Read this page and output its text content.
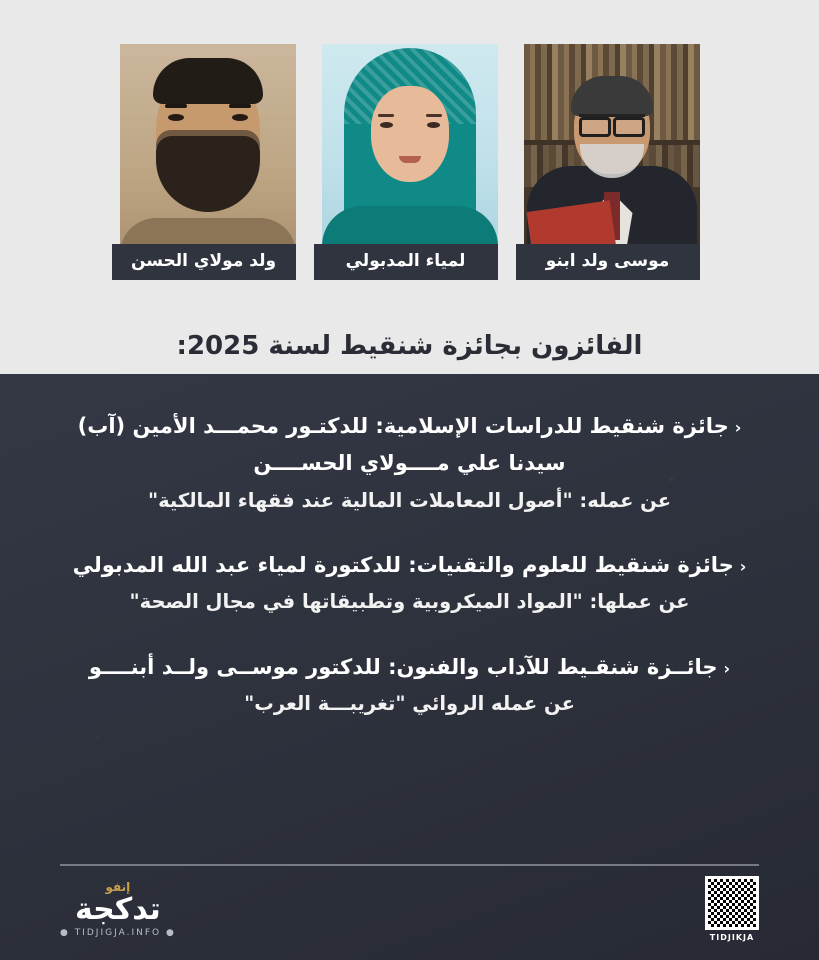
موسى ولد ابنو
لمياء المدبولي
ولد مولاي الحسن
الفائزون بجائزة شنقيط لسنة 2025:

‹جائزة شنقيط للدراسات الإسلامية: للدكتـور محمـــد الأمين (آب)

سيدنا علي مــــولاي الحســــن

عن عمله: "أصول المعاملات المالية عند فقهاء المالكية"

‹جائزة شنقيط للعلوم والتقنيات: للدكتورة لمياء عبد الله المدبولي

عن عملها: "المواد الميكروبية وتطبيقاتها في مجال الصحة"

‹جائــزة شنقـيط للآداب والفنون: للدكتور موســى ولــد أبنــــو

عن عمله الروائي "تغريبـــة العرب"

إنفو
تدكجة
● TIDJIGJA.INFO ●	TIDJIKJA
